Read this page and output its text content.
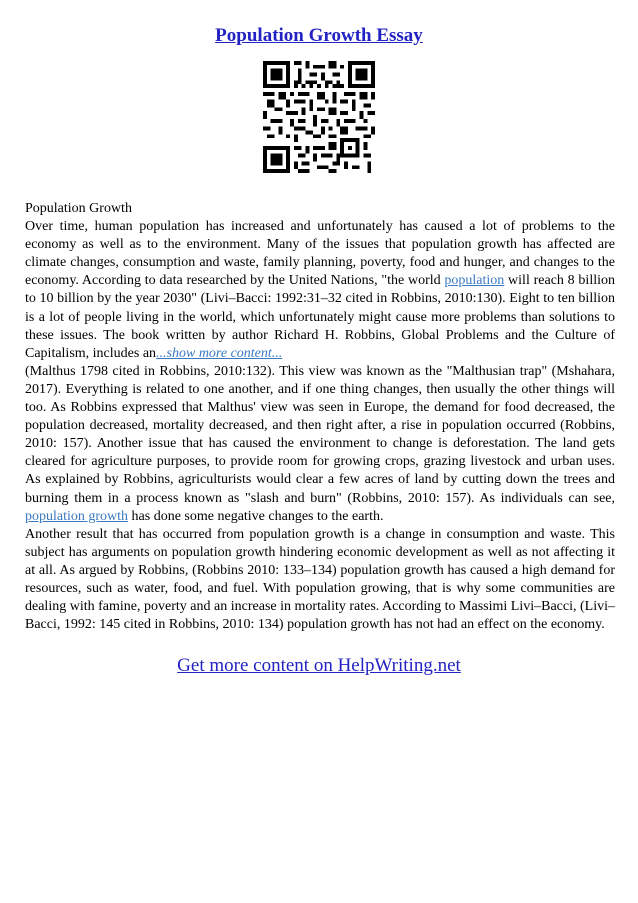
Population Growth Essay

Population Growth

Over time, human population has increased and unfortunately has caused a lot of problems to the economy as well as to the environment. Many of the issues that population growth has affected are climate changes, consumption and waste, family planning, poverty, food and hunger, and changes to the economy. According to data researched by the United Nations, "the world population will reach 8 billion to 10 billion by the year 2030" (Livi–Bacci: 1992:31–32 cited in Robbins, 2010:130). Eight to ten billion is a lot of people living in the world, which unfortunately might cause more problems than solutions to these issues. The book written by author Richard H. Robbins, Global Problems and the Culture of Capitalism, includes an...show more content...

(Malthus 1798 cited in Robbins, 2010:132). This view was known as the "Malthusian trap" (Mshahara, 2017). Everything is related to one another, and if one thing changes, then usually the other things will too. As Robbins expressed that Malthus' view was seen in Europe, the demand for food decreased, the population decreased, mortality decreased, and then right after, a rise in population occurred (Robbins, 2010: 157). Another issue that has caused the environment to change is deforestation. The land gets cleared for agriculture purposes, to provide room for growing crops, grazing livestock and urban uses. As explained by Robbins, agriculturists would clear a few acres of land by cutting down the trees and burning them in a process known as "slash and burn" (Robbins, 2010: 157). As individuals can see, population growth has done some negative changes to the earth.

Another result that has occurred from population growth is a change in consumption and waste. This subject has arguments on population growth hindering economic development as well as not affecting it at all. As argued by Robbins, (Robbins 2010: 133–134) population growth has caused a high demand for resources, such as water, food, and fuel. With population growing, that is why some communities are dealing with famine, poverty and an increase in mortality rates. According to Massimi Livi–Bacci, (Livi–Bacci, 1992: 145 cited in Robbins, 2010: 134) population growth has not had an effect on the economy.

Get more content on HelpWriting.net
